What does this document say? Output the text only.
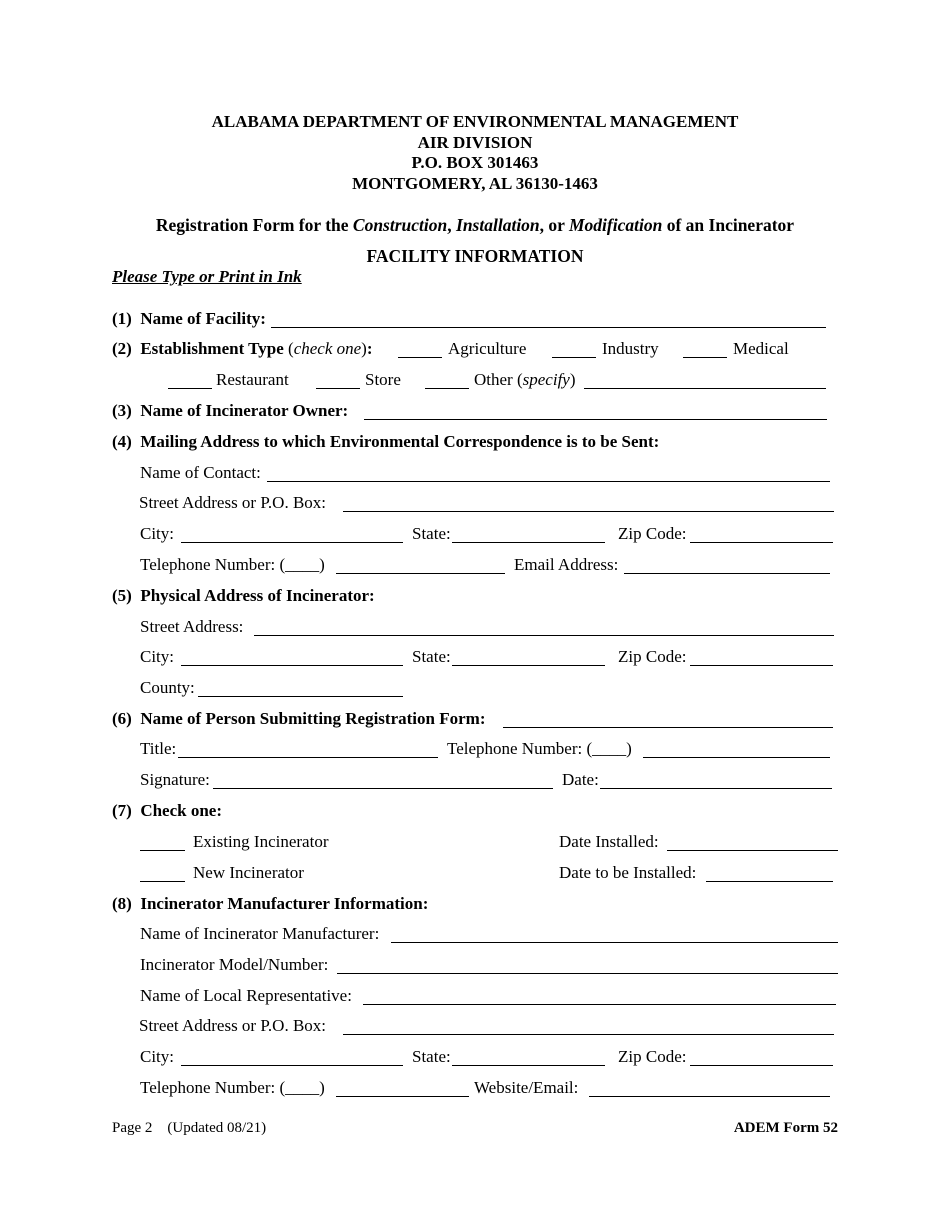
ALABAMA DEPARTMENT OF ENVIRONMENTAL MANAGEMENT
AIR DIVISION
P.O. BOX 301463
MONTGOMERY, AL 36130-1463
Registration Form for the Construction, Installation, or Modification of an Incinerator
FACILITY INFORMATION
Please Type or Print in Ink
(1) Name of Facility:
(2) Establishment Type (check one):	Agriculture	Industry	Medical
Restaurant	Store	Other (specify)
(3) Name of Incinerator Owner:
(4) Mailing Address to which Environmental Correspondence is to be Sent:
Name of Contact:
Street Address or P.O. Box:
City:	State:	Zip Code:
Telephone Number: (____)	Email Address:
(5) Physical Address of Incinerator:
Street Address:
City:	State:	Zip Code:
County:
(6) Name of Person Submitting Registration Form:
Title:	Telephone Number: (____)
Signature:	Date:
(7) Check one:
Existing Incinerator	Date Installed:
New Incinerator	Date to be Installed:
(8) Incinerator Manufacturer Information:
Name of Incinerator Manufacturer:
Incinerator Model/Number:
Name of Local Representative:
Street Address or P.O. Box:
City:	State:	Zip Code:
Telephone Number: (____)	Website/Email:
Page 2 (Updated 08/21)	ADEM Form 52
